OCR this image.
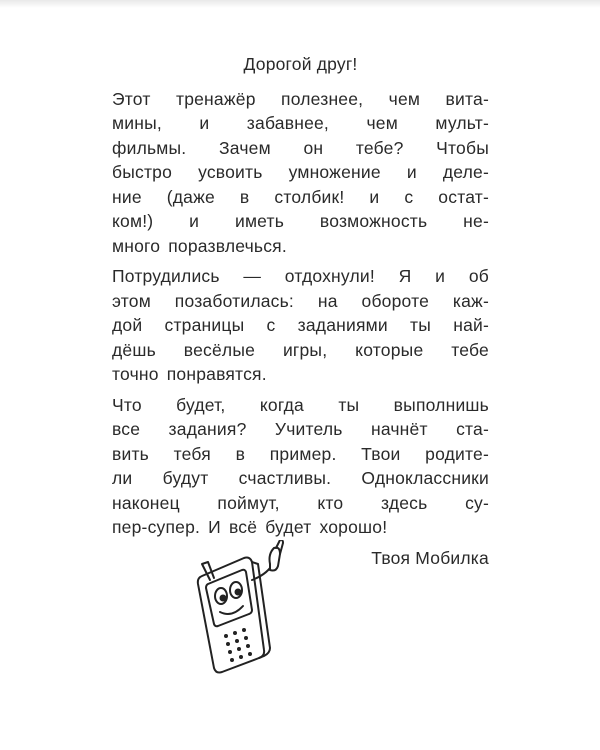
Дорогой друг!
Этот тренажёр полезнее, чем вита-
мины, и забавнее, чем мульт-
фильмы. Зачем он тебе? Чтобы
быстро усвоить умножение и деле-
ние (даже в столбик! и с остат-
ком!) и иметь возможность не-
много поразвлечься.
Потрудились — отдохнули! Я и об
этом позаботилась: на обороте каж-
дой страницы с заданиями ты най-
дёшь весёлые игры, которые тебе
точно понравятся.
Что будет, когда ты выполнишь
все задания? Учитель начнёт ста-
вить тебя в пример. Твои родите-
ли будут счастливы. Одноклассники
наконец поймут, кто здесь су-
пер-супер. И всё будет хорошо!
Твоя Мобилка
